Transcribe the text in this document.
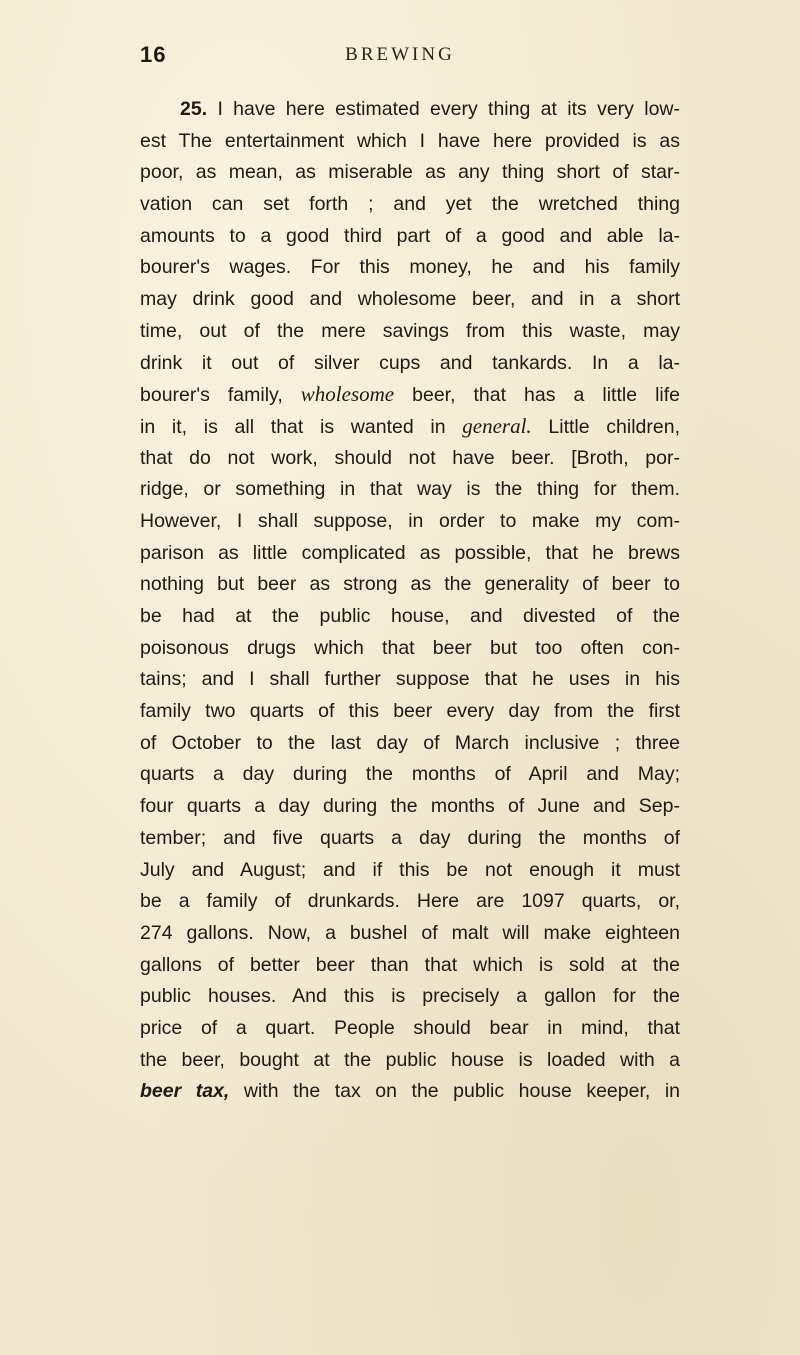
16	BREWING
25. I have here estimated every thing at its very low-
est The entertainment which I have here provided is as
poor, as mean, as miserable as any thing short of star-
vation can set forth ; and yet the wretched thing
amounts to a good third part of a good and able la-
bourer's wages. For this money, he and his family
may drink good and wholesome beer, and in a short
time, out of the mere savings from this waste, may
drink it out of silver cups and tankards. In a la-
bourer's family, wholesome beer, that has a little life
in it, is all that is wanted in general. Little children,
that do not work, should not have beer. [Broth, por-
ridge, or something in that way is the thing for them.
However, I shall suppose, in order to make my com-
parison as little complicated as possible, that he brews
nothing but beer as strong as the generality of beer to
be had at the public house, and divested of the
poisonous drugs which that beer but too often con-
tains; and I shall further suppose that he uses in his
family two quarts of this beer every day from the first
of October to the last day of March inclusive ; three
quarts a day during the months of April and May;
four quarts a day during the months of June and Sep-
tember; and five quarts a day during the months of
July and August; and if this be not enough it must
be a family of drunkards. Here are 1097 quarts, or,
274 gallons. Now, a bushel of malt will make eighteen
gallons of better beer than that which is sold at the
public houses. And this is precisely a gallon for the
price of a quart. People should bear in mind, that
the beer, bought at the public house is loaded with a
beer tax, with the tax on the public house keeper, in
